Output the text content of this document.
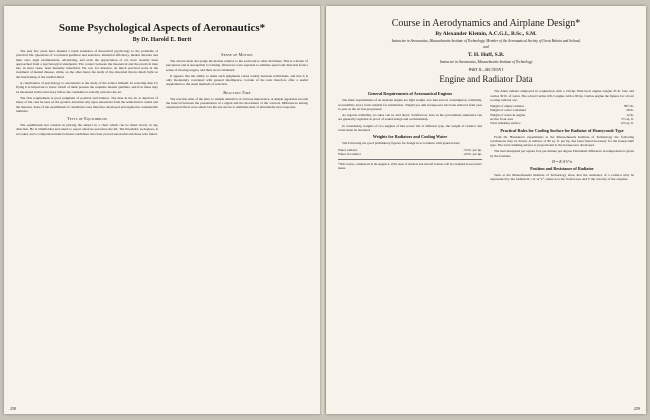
Some Psychological Aspects of Aeronautics*
By Dr. Harold E. Burtt

The past few years have marked a rapid extension of theoretical psychology to the problems of practical life. Questions of vocational guidance and selection, industrial efficiency, mental disorder and their cure, legal examinations, advertising, and even the appreciation of art, have recently been approached from a psychological standpoint. The contact between the theoretical and the practical man has, in most cases, been mutually beneficial. We can, for instance, do much practical work in the treatment of mental disease, while, on the other hand, the study of the abnormal throws much light on the functioning of the normal mind.

A contribution of psychology to aeronautics is the study of the aviator himself. In selecting men for flying it is important to know which of them possess the requisite mental qualities, and how these may be measured in the laboratory before the candidate is actually sent into the air.

The first requirement is good judgment of position and balance. The man in the air is deprived of many of the cues he uses on the ground, and must rely upon sensations from the semicircular canals and the muscles. Tests of the equilibrium of candidates were therefore developed and applied in considerable numbers.

Tests of Equilibrium

The equilibrium test consists in placing the subject in a chair which can be tilted slowly in any direction. He is blindfolded and asked to report when he perceives the tilt. The threshold, in degrees, is recorded, and a comparison made between candidates who later proved successful and those who failed.

Sense of Motion

The aviator must also judge his motion relative to the earth and to other machines. This is a matter of perception and is susceptible to training. Observers were required to estimate speed and direction from a series of moving targets, and their errors tabulated.

It appears that the ability to make such judgments varies widely between individuals, and that it is only moderately correlated with general intelligence. Certain of the tests therefore offer a useful supplement to the usual methods of selection.

Reaction Time

The reaction time of the pilot to sudden stimuli is of obvious importance. A simple apparatus records the interval between the presentation of a signal and the movement of the controls. Differences among experienced fliers were small, but the test serves to eliminate men of abnormally slow response.

258
Course in Aerodynamics and Airplane Design*
By Alexander Klemin, A.C.G.I., B.Sc., S.M.
Instructor in Aeronautics, Massachusetts Institute of Technology; Member of the Aeronautical Society of Great Britain and Ireland,
and
T. H. Huff, S.B.
Instructor in Aeronautics, Massachusetts Institute of Technology
PART II—SECTION I
Engine and Radiator Data
General Requirements of Aeronautical Engines

The main requirements of an airplane engine are light weight, low fuel and oil consumption, reliability, accessibility and a form suitable for installation. Weight per unit horsepower has been reduced from year to year as the art has progressed.

As regards reliability, no rules can be laid down. Satisfactory tests in the government endurance run are generally regarded as proof of sound design and workmanship.

In considering weights of two engines of like power but of different type, the weight of radiator and water must be included.

Weights for Radiators and Cooling Water

The following are good preliminary figures for design in accordance with general data:

Water radiator	.55 lb. per hp.
Water in radiator	.20 lb. per hp.
*This Course, commenced in the August 4, 1919, issue of Aviation and Aircraft Journal, will be continued in successive issues.

The Allen radiator employed in conjunction with a 150-hp. Hall-Scott engine weighs 45 lb. bare and carries 30 lb. of water. The actual Curtiss OX-5 engine with a 90 hp. Curtiss engine the figures for a front cooling radiator are:

Weight of empty radiator	38½ lb.
Weight of water contained	28 lb.
Weight of water in engine	12 lb.
Active front area	5½ sq. ft.
Total radiating surface	125 sq. ft.
Practical Rules for Cooling Surface for Radiator of Honeycomb Type

From Dr. Hunsaker's experiments at the Massachusetts Institute of Technology the following conclusions may be drawn. A radiator of 80 sq. ft. per hp. has been found necessary for the honeycomb type. The total radiating surface is proportional to the horsepower developed.

The heat dissipated per square foot per minute per degree Fahrenheit difference in temperature is given by the formula:

H = K·A·V^n
Position and Resistance of Radiator

Tests at the Massachusetts Institute of Technology show that the resistance of a radiator may be represented by the formula R = K·A·V², where A is the frontal area and V the velocity of the airplane.

259
